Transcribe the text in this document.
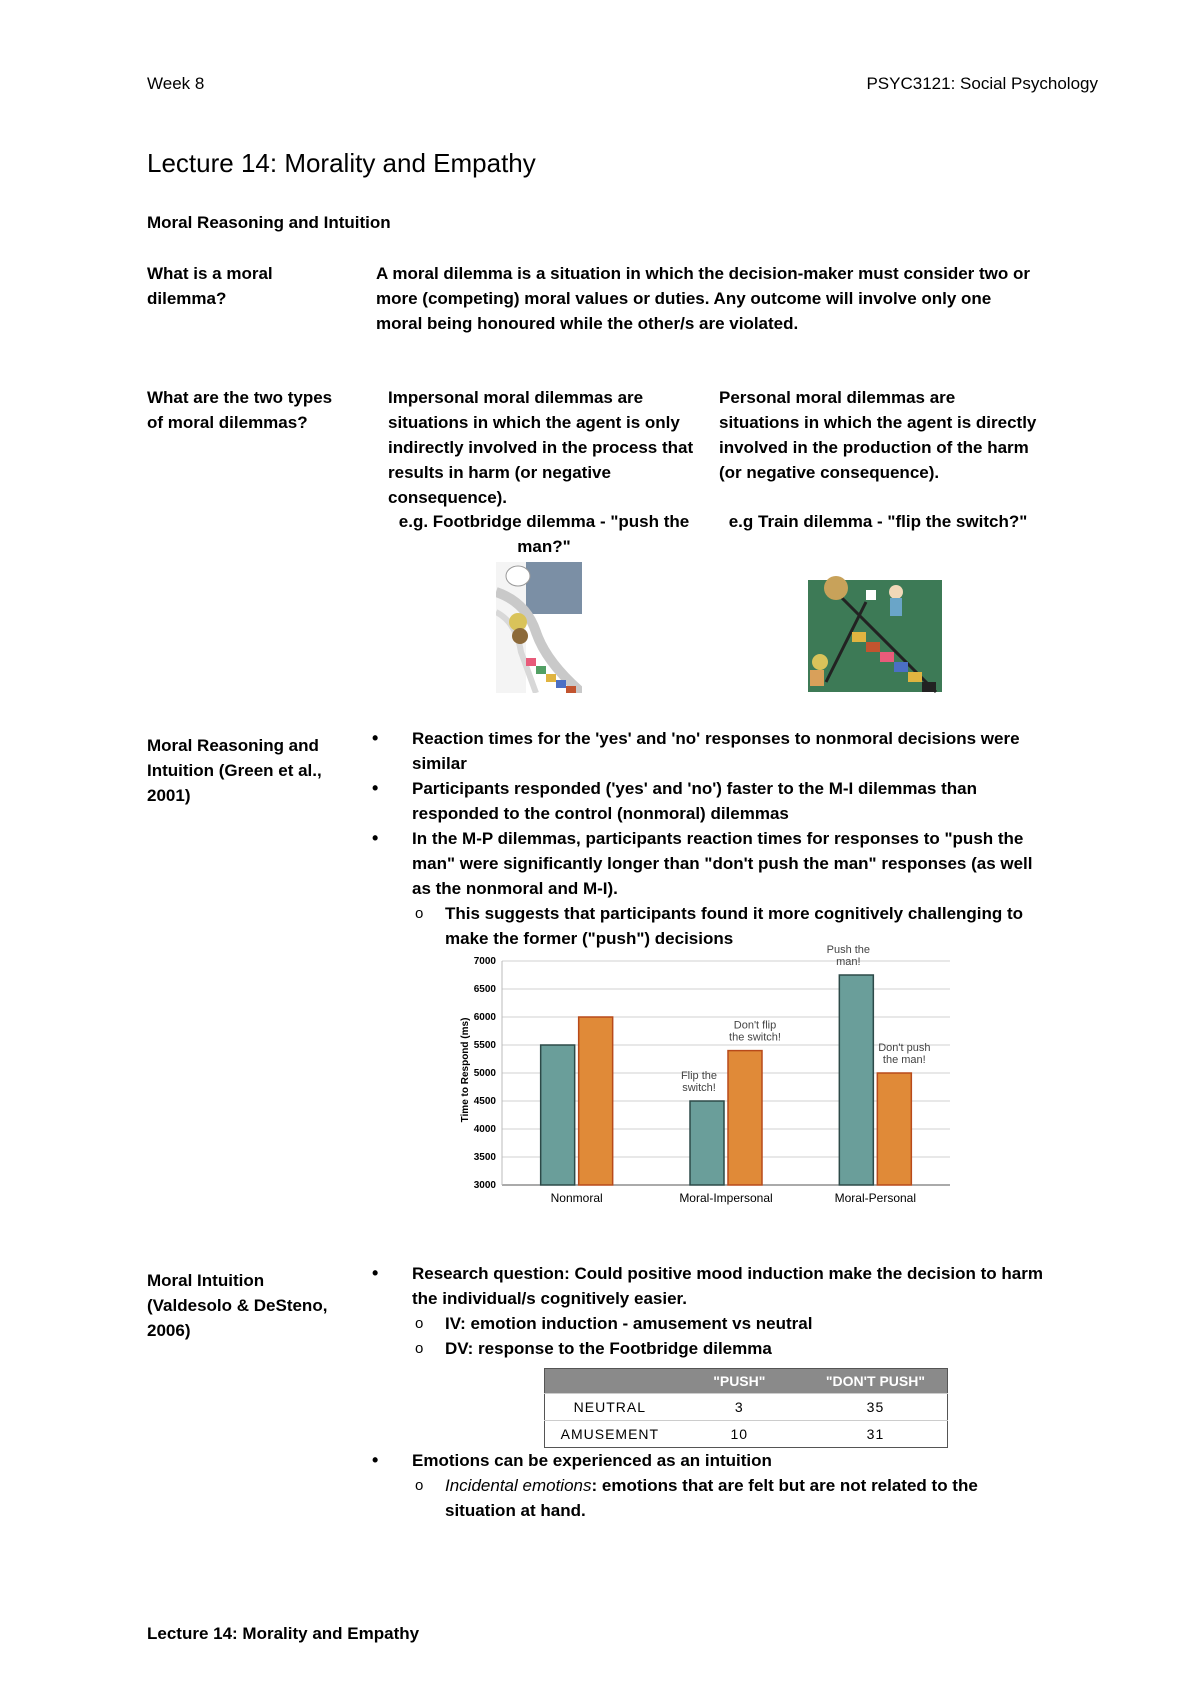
Week 8	PSYC3121: Social Psychology
Lecture 14: Morality and Empathy
Moral Reasoning and Intuition
What is a moral dilemma?
A moral dilemma is a situation in which the decision-maker must consider two or more (competing) moral values or duties. Any outcome will involve only one moral being honoured while the other/s are violated.
What are the two types of moral dilemmas?
Impersonal moral dilemmas are situations in which the agent is only indirectly involved in the process that results in harm (or negative consequence).
e.g. Footbridge dilemma - "push the man?"
Personal moral dilemmas are situations in which the agent is directly involved in the production of the harm (or negative consequence).
e.g Train dilemma - "flip the switch?"
Moral Reasoning and Intuition (Green et al., 2001)
• Reaction times for the 'yes' and 'no' responses to nonmoral decisions were similar
• Participants responded ('yes' and 'no') faster to the M-I dilemmas than responded to the control (nonmoral) dilemmas
• In the M-P dilemmas, participants reaction times for responses to "push the man" were significantly longer than "don't push the man" responses (as well as the nonmoral and M-I).
o This suggests that participants found it more cognitively challenging to make the former ("push") decisions
3000
3500
4000
4500
5000
5500
6000
6500
7000
Nonmoral	Moral-Impersonal	Moral-Personal
Flip the switch!
Don't flip the switch!
Push the man!
Don't push the man!
Time to Respond (ms)
Moral Intuition (Valdesolo & DeSteno, 2006)
• Research question: Could positive mood induction make the decision to harm the individual/s cognitively easier.
o IV: emotion induction - amusement vs neutral
o DV: response to the Footbridge dilemma
	"PUSH"	"DON'T PUSH"
NEUTRAL	3	35
AMUSEMENT	10	31
• Emotions can be experienced as an intuition
o Incidental emotions: emotions that are felt but are not related to the situation at hand.
Lecture 14: Morality and Empathy
